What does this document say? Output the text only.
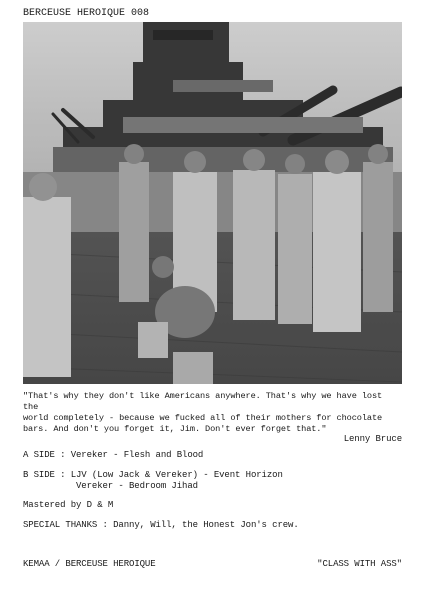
BERCEUSE HEROIQUE 008
"That's why they don't like Americans anywhere. That's why we have lost the
world completely - because we fucked all of their mothers for chocolate
bars. And don't you forget it, Jim. Don't ever forget that."
Lenny Bruce
A SIDE : Vereker - Flesh and Blood
B SIDE : LJV (Low Jack & Vereker) - Event Horizon
Vereker - Bedroom Jihad
Mastered by D & M
SPECIAL THANKS : Danny, Will, the Honest Jon's crew.
KEMAA / BERCEUSE HEROIQUE	"CLASS WITH ASS"
